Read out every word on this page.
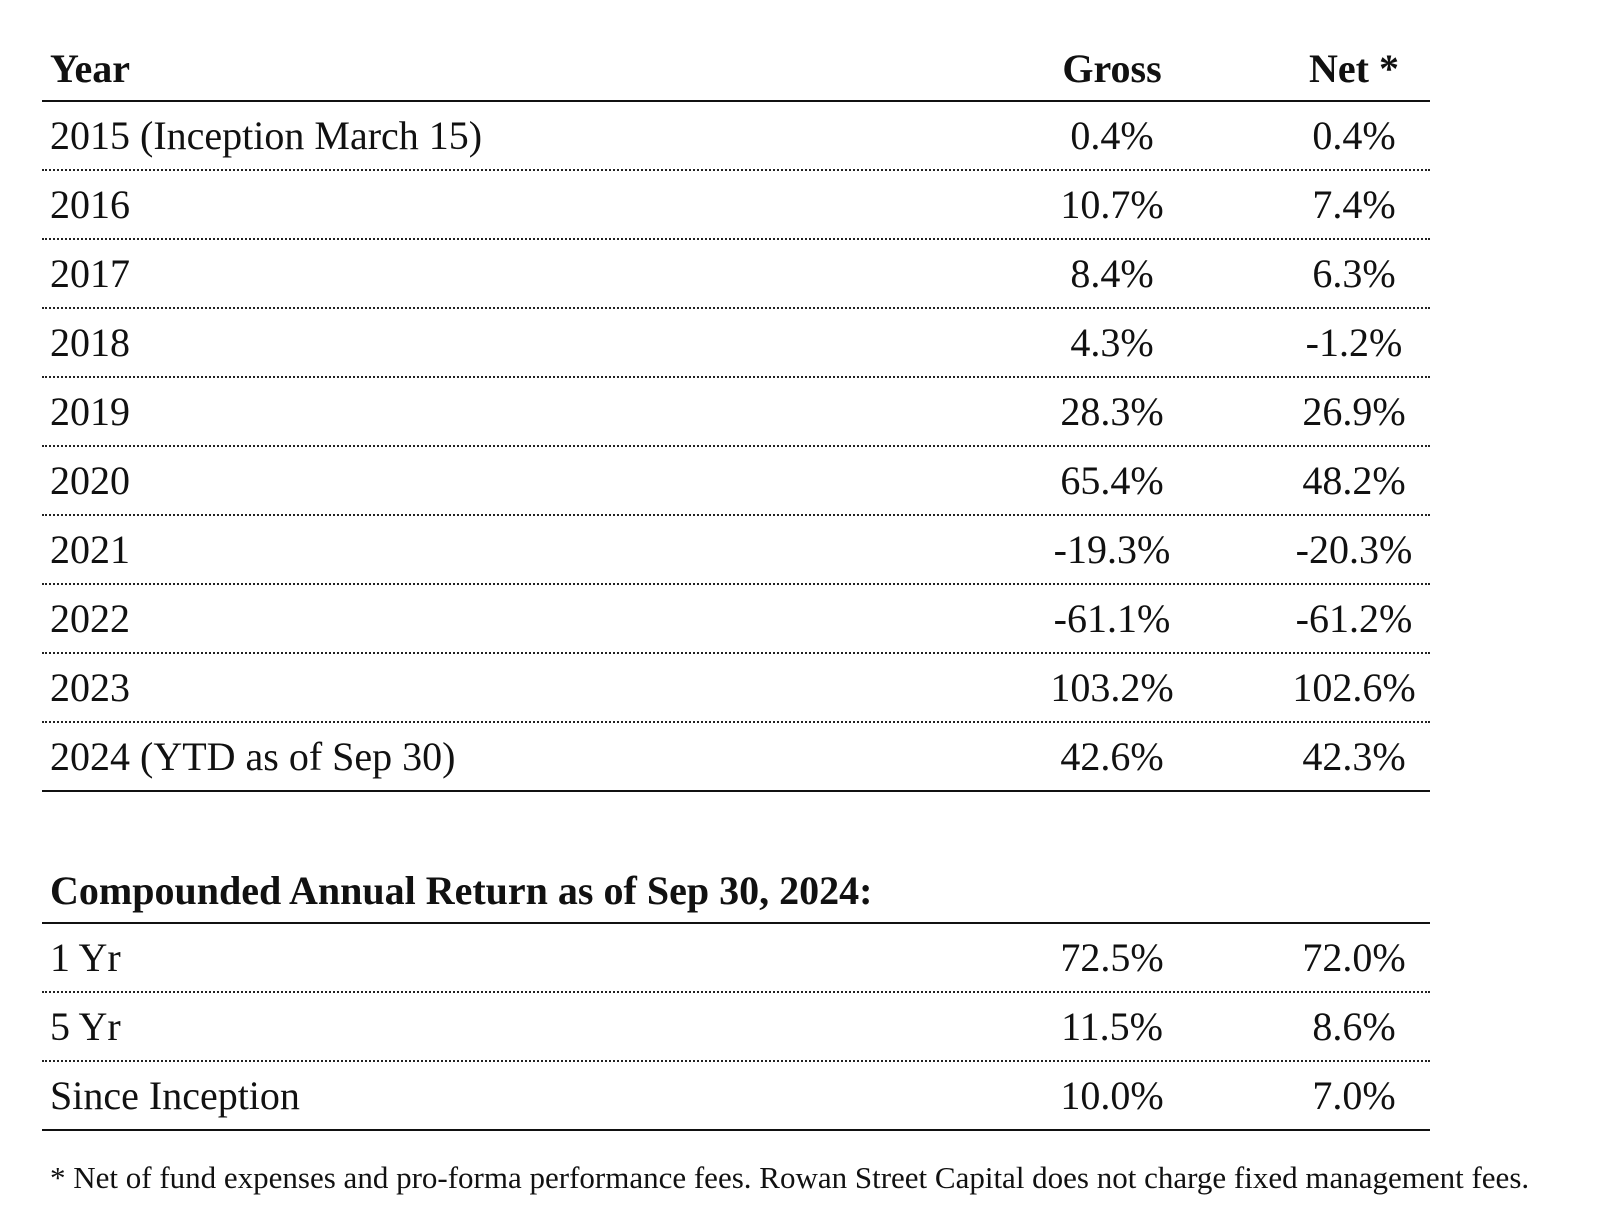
Year	Gross	Net *
2015 (Inception March 15)	0.4%	0.4%
2016	10.7%	7.4%
2017	8.4%	6.3%
2018	4.3%	-1.2%
2019	28.3%	26.9%
2020	65.4%	48.2%
2021	-19.3%	-20.3%
2022	-61.1%	-61.2%
2023	103.2%	102.6%
2024 (YTD as of Sep 30)	42.6%	42.3%
Compounded Annual Return as of Sep 30, 2024:
1 Yr	72.5%	72.0%
5 Yr	11.5%	8.6%
Since Inception	10.0%	7.0%
* Net of fund expenses and pro-forma performance fees. Rowan Street Capital does not charge fixed management fees.
